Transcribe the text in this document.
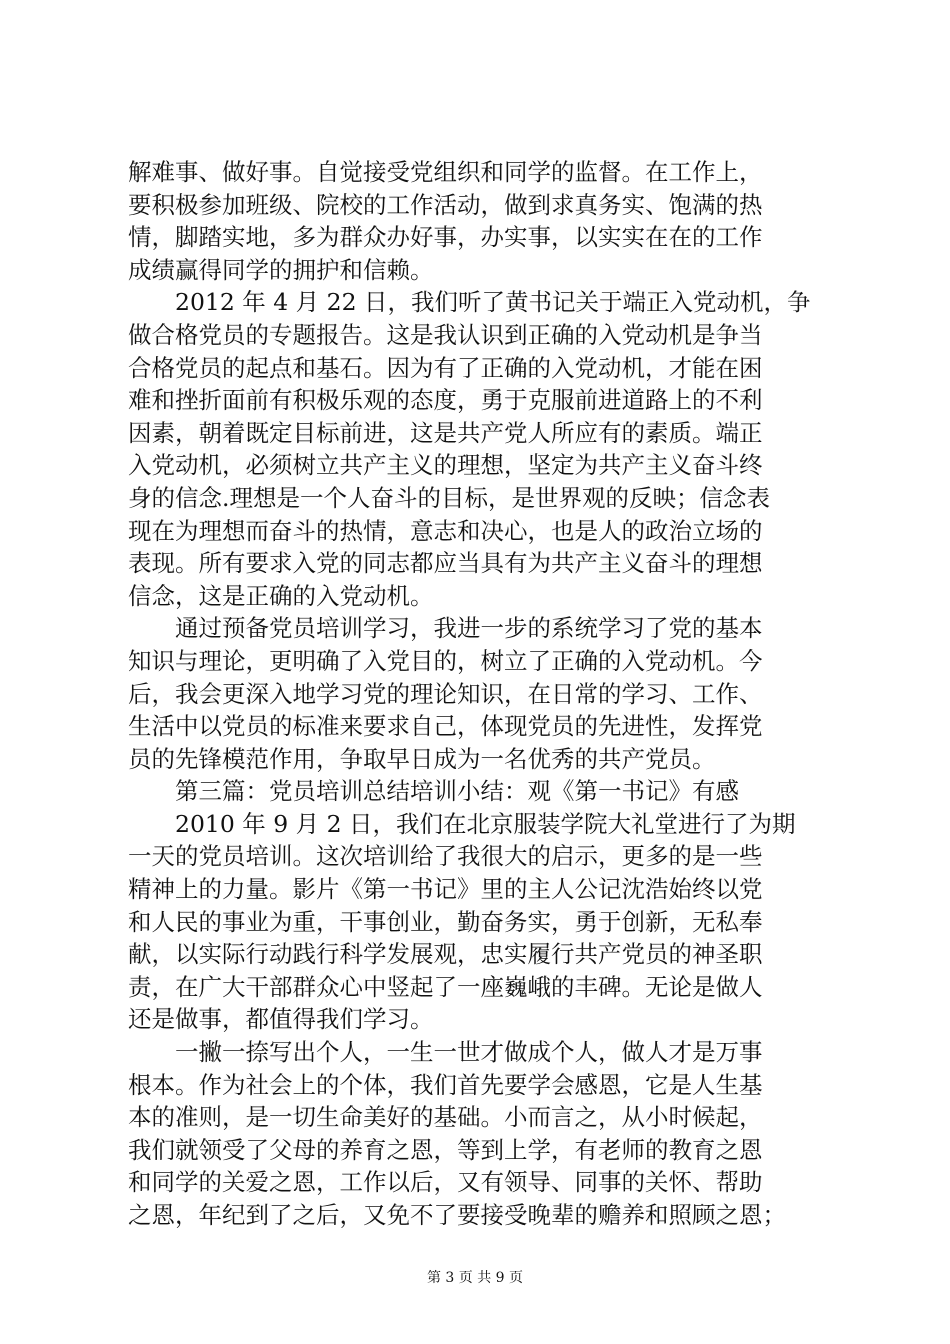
解难事、做好事。自觉接受党组织和同学的监督。在工作上，
要积极参加班级、院校的工作活动，做到求真务实、饱满的热
情，脚踏实地，多为群众办好事，办实事，以实实在在的工作
成绩赢得同学的拥护和信赖。
　　2012 年 4 月 22 日，我们听了黄书记关于端正入党动机，争
做合格党员的专题报告。这是我认识到正确的入党动机是争当
合格党员的起点和基石。因为有了正确的入党动机，才能在困
难和挫折面前有积极乐观的态度，勇于克服前进道路上的不利
因素，朝着既定目标前进，这是共产党人所应有的素质。端正
入党动机，必须树立共产主义的理想，坚定为共产主义奋斗终
身的信念.理想是一个人奋斗的目标，是世界观的反映；信念表
现在为理想而奋斗的热情，意志和决心，也是人的政治立场的
表现。所有要求入党的同志都应当具有为共产主义奋斗的理想
信念，这是正确的入党动机。
　　通过预备党员培训学习，我进一步的系统学习了党的基本
知识与理论，更明确了入党目的，树立了正确的入党动机。今
后，我会更深入地学习党的理论知识，在日常的学习、工作、
生活中以党员的标准来要求自己，体现党员的先进性，发挥党
员的先锋模范作用，争取早日成为一名优秀的共产党员。
　　第三篇：党员培训总结培训小结：观《第一书记》有感
　　2010 年 9 月 2 日，我们在北京服装学院大礼堂进行了为期
一天的党员培训。这次培训给了我很大的启示，更多的是一些
精神上的力量。影片《第一书记》里的主人公记沈浩始终以党
和人民的事业为重，干事创业，勤奋务实，勇于创新，无私奉
献，以实际行动践行科学发展观，忠实履行共产党员的神圣职
责，在广大干部群众心中竖起了一座巍峨的丰碑。无论是做人
还是做事，都值得我们学习。
　　一撇一捺写出个人，一生一世才做成个人，做人才是万事
根本。作为社会上的个体，我们首先要学会感恩，它是人生基
本的准则，是一切生命美好的基础。小而言之，从小时候起，
我们就领受了父母的养育之恩，等到上学，有老师的教育之恩
和同学的关爱之恩，工作以后，又有领导、同事的关怀、帮助
之恩，年纪到了之后，又免不了要接受晚辈的赡养和照顾之恩；
第 3 页 共 9 页
